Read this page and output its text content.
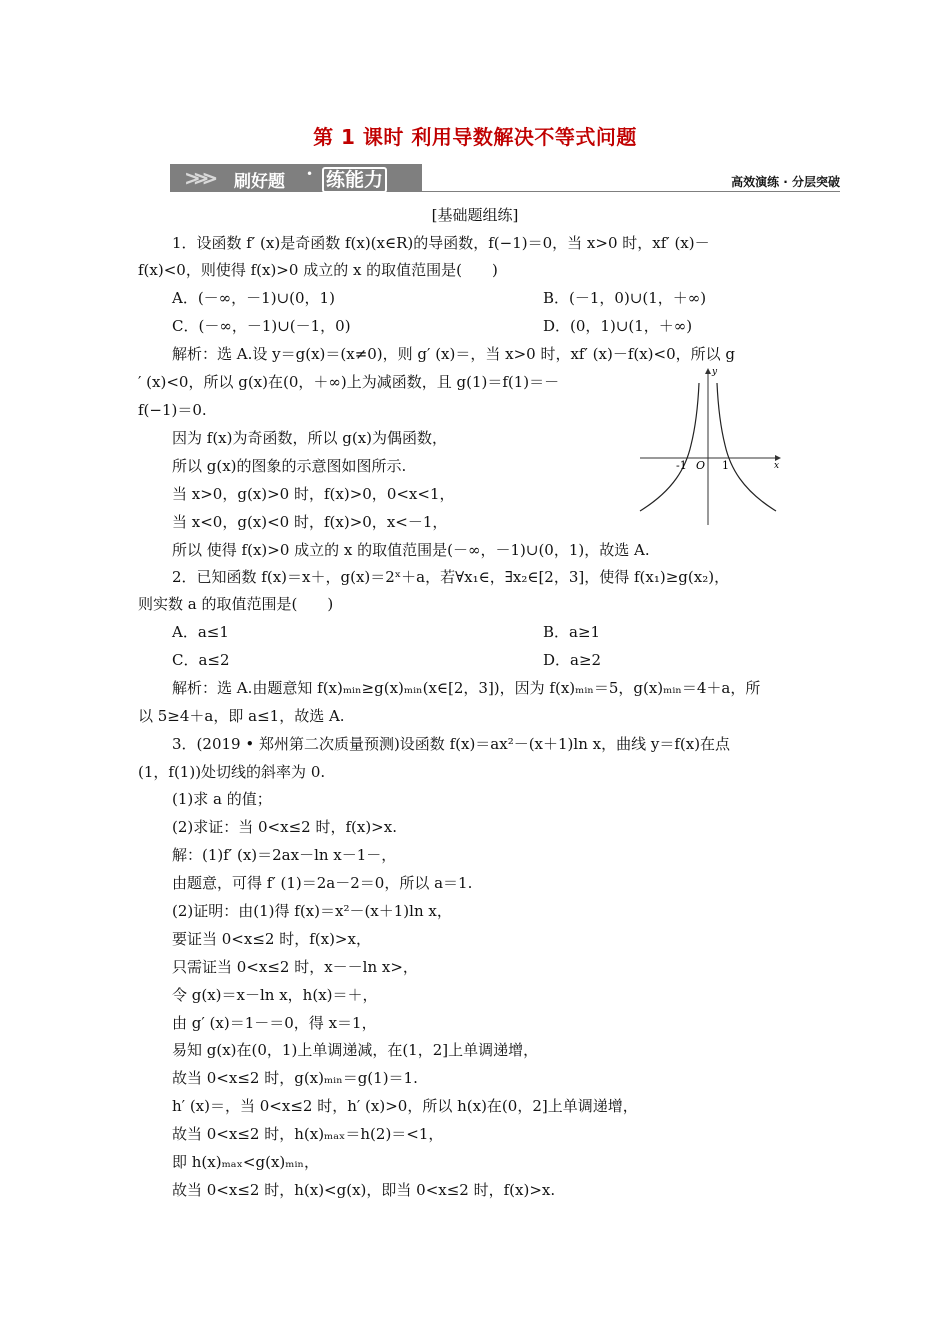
第 1 课时 利用导数解决不等式问题
>>> 刷好题 • 练能力	高效演练 · 分层突破
[基础题组练]
1．设函数 f′ (x)是奇函数 f(x)(x∈R)的导函数，f(−1)＝0，当 x>0 时，xf′ (x)－
f(x)<0，则使得 f(x)>0 成立的 x 的取值范围是(　　)
A．(－∞，－1)∪(0，1)	B．(－1，0)∪(1，＋∞)
C．(－∞，－1)∪(－1，0)	D．(0，1)∪(1，＋∞)
解析：选 A.设 y＝g(x)＝(x≠0)，则 g′ (x)＝，当 x>0 时，xf′ (x)－f(x)<0，所以 g
′ (x)<0，所以 g(x)在(0，＋∞)上为减函数，且 g(1)＝f(1)＝－
f(−1)＝0.
因为 f(x)为奇函数，所以 g(x)为偶函数，
所以 g(x)的图象的示意图如图所示.
当 x>0，g(x)>0 时，f(x)>0，0<x<1，
当 x<0，g(x)<0 时，f(x)>0，x<－1，
所以 使得 f(x)>0 成立的 x 的取值范围是(－∞，－1)∪(0，1)，故选 A.
y
x
-1 O 1
2．已知函数 f(x)＝x＋，g(x)＝2ˣ＋a，若∀x₁∈，∃x₂∈[2，3]，使得 f(x₁)≥g(x₂)，
则实数 a 的取值范围是(　　)
A．a≤1	B．a≥1
C．a≤2	D．a≥2
解析：选 A.由题意知 f(x)ₘᵢₙ≥g(x)ₘᵢₙ(x∈[2，3])，因为 f(x)ₘᵢₙ＝5，g(x)ₘᵢₙ＝4＋a，所
以 5≥4＋a，即 a≤1，故选 A.
3．(2019 • 郑州第二次质量预测)设函数 f(x)＝ax²－(x＋1)ln x，曲线 y＝f(x)在点
(1，f(1))处切线的斜率为 0.
(1)求 a 的值；
(2)求证：当 0<x≤2 时，f(x)>x.
解：(1)f′ (x)＝2ax－ln x－1－，
由题意，可得 f′ (1)＝2a－2＝0，所以 a＝1.
(2)证明：由(1)得 f(x)＝x²－(x＋1)ln x，
要证当 0<x≤2 时，f(x)>x，
只需证当 0<x≤2 时，x－－ln x>，
令 g(x)＝x－ln x，h(x)＝＋，
由 g′ (x)＝1－＝0，得 x＝1，
易知 g(x)在(0，1)上单调递减，在(1，2]上单调递增，
故当 0<x≤2 时，g(x)ₘᵢₙ＝g(1)＝1.
h′ (x)＝，当 0<x≤2 时，h′ (x)>0，所以 h(x)在(0，2]上单调递增，
故当 0<x≤2 时，h(x)ₘₐₓ＝h(2)＝<1，
即 h(x)ₘₐₓ<g(x)ₘᵢₙ，
故当 0<x≤2 时，h(x)<g(x)，即当 0<x≤2 时，f(x)>x.
